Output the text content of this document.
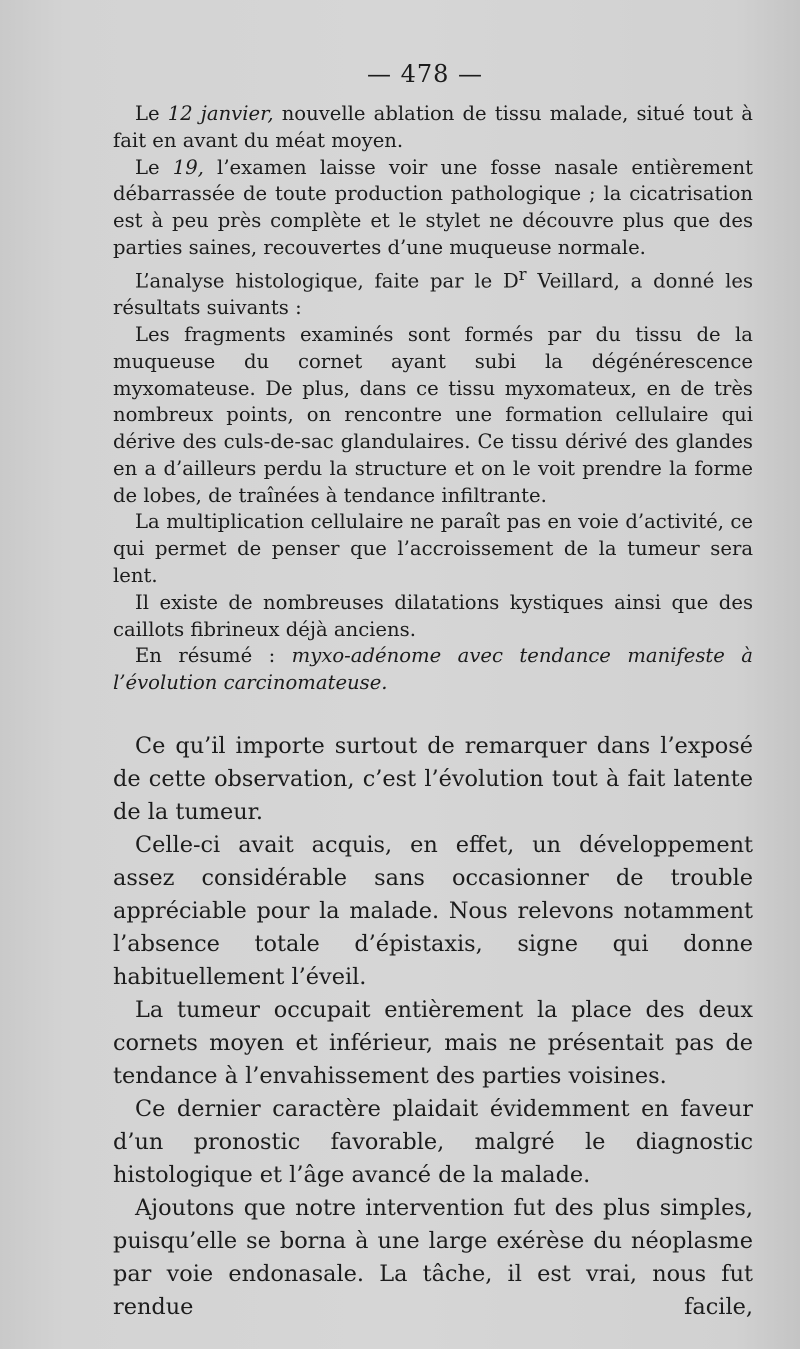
— 478 —

Le 12 janvier, nouvelle ablation de tissu malade, situé tout à fait en avant du méat moyen.

Le 19, l’examen laisse voir une fosse nasale entièrement débarrassée de toute production pathologique ; la cicatrisation est à peu près complète et le stylet ne découvre plus que des parties saines, recouvertes d’une muqueuse normale.

L’analyse histologique, faite par le $D^r$ Veillard, a donné les résultats suivants :

Les fragments examinés sont formés par du tissu de la muqueuse du cornet ayant subi la dégénérescence myxomateuse. De plus, dans ce tissu myxomateux, en de très nombreux points, on rencontre une formation cellulaire qui dérive des culs-de-sac glandulaires. Ce tissu dérivé des glandes en a d’ailleurs perdu la structure et on le voit prendre la forme de lobes, de traînées à tendance infiltrante.

La multiplication cellulaire ne paraît pas en voie d’activité, ce qui permet de penser que l’accroissement de la tumeur sera lent.

Il existe de nombreuses dilatations kystiques ainsi que des caillots fibrineux déjà anciens.

En résumé : myxo-adénome avec tendance manifeste à l’évolution carcinomateuse.

Ce qu’il importe surtout de remarquer dans l’exposé de cette observation, c’est l’évolution tout à fait latente de la tumeur.

Celle-ci avait acquis, en effet, un développement assez considérable sans occasionner de trouble appréciable pour la malade. Nous relevons notamment l’absence totale d’épistaxis, signe qui donne habituellement l’éveil.

La tumeur occupait entièrement la place des deux cornets moyen et inférieur, mais ne présentait pas de tendance à l’envahissement des parties voisines.

Ce dernier caractère plaidait évidemment en faveur d’un pronostic favorable, malgré le diagnostic histologique et l’âge avancé de la malade.

Ajoutons que notre intervention fut des plus simples, puisqu’elle se borna à une large exérèse du néoplasme par voie endonasale. La tâche, il est vrai, nous fut rendue facile,
